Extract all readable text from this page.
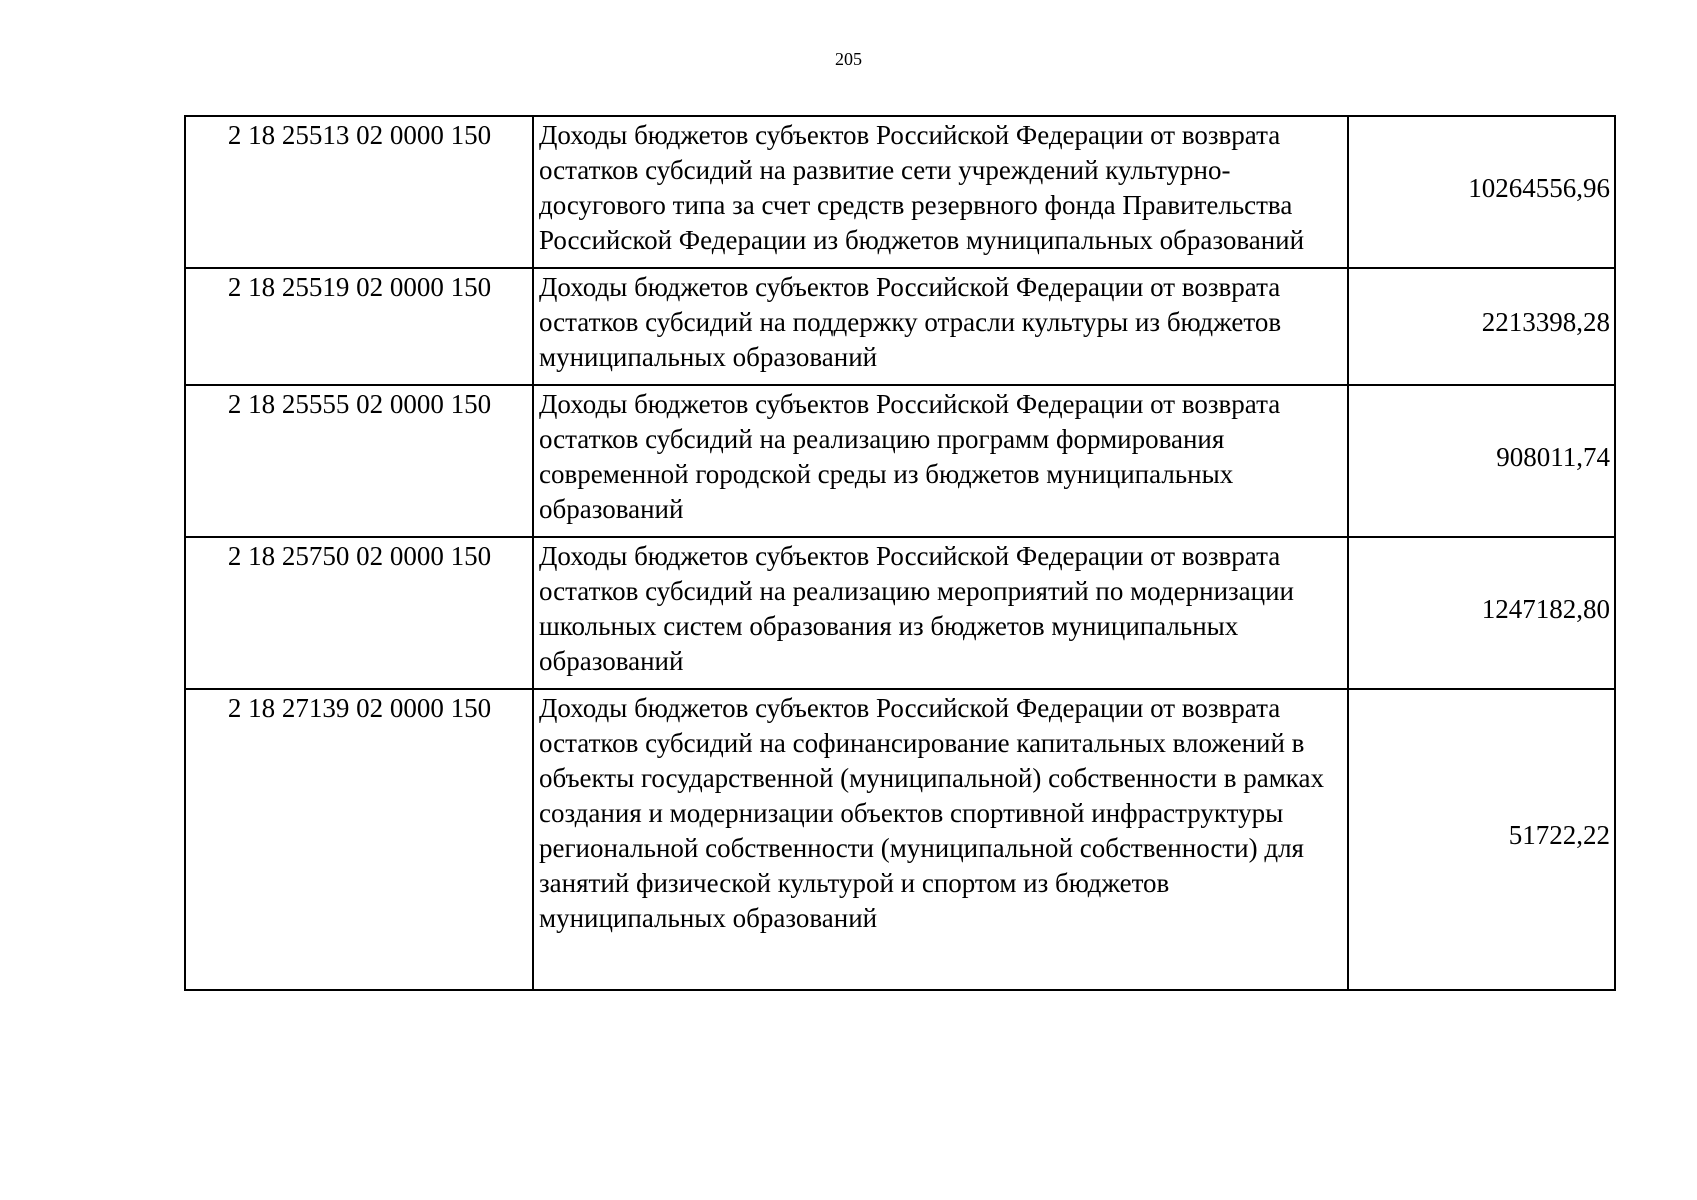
205
2 18 25513 02 0000 150	Доходы бюджетов субъектов Российской Федерации от возврата остатков субсидий на развитие сети учреждений культурно-досугового типа за счет средств резервного фонда Правительства Российской Федерации из бюджетов муниципальных образований	10264556,96
2 18 25519 02 0000 150	Доходы бюджетов субъектов Российской Федерации от возврата остатков субсидий на поддержку отрасли культуры из бюджетов муниципальных образований	2213398,28
2 18 25555 02 0000 150	Доходы бюджетов субъектов Российской Федерации от возврата остатков субсидий на реализацию программ формирования современной городской среды из бюджетов муниципальных образований	908011,74
2 18 25750 02 0000 150	Доходы бюджетов субъектов Российской Федерации от возврата остатков субсидий на реализацию мероприятий по модернизации школьных систем образования из бюджетов муниципальных образований	1247182,80
2 18 27139 02 0000 150	Доходы бюджетов субъектов Российской Федерации от возврата остатков субсидий на софинансирование капитальных вложений в объекты государственной (муниципальной) собственности в рамках создания и модернизации объектов спортивной инфраструктуры региональной собственности (муниципальной собственности) для занятий физической культурой и спортом из бюджетов муниципальных образований	51722,22
